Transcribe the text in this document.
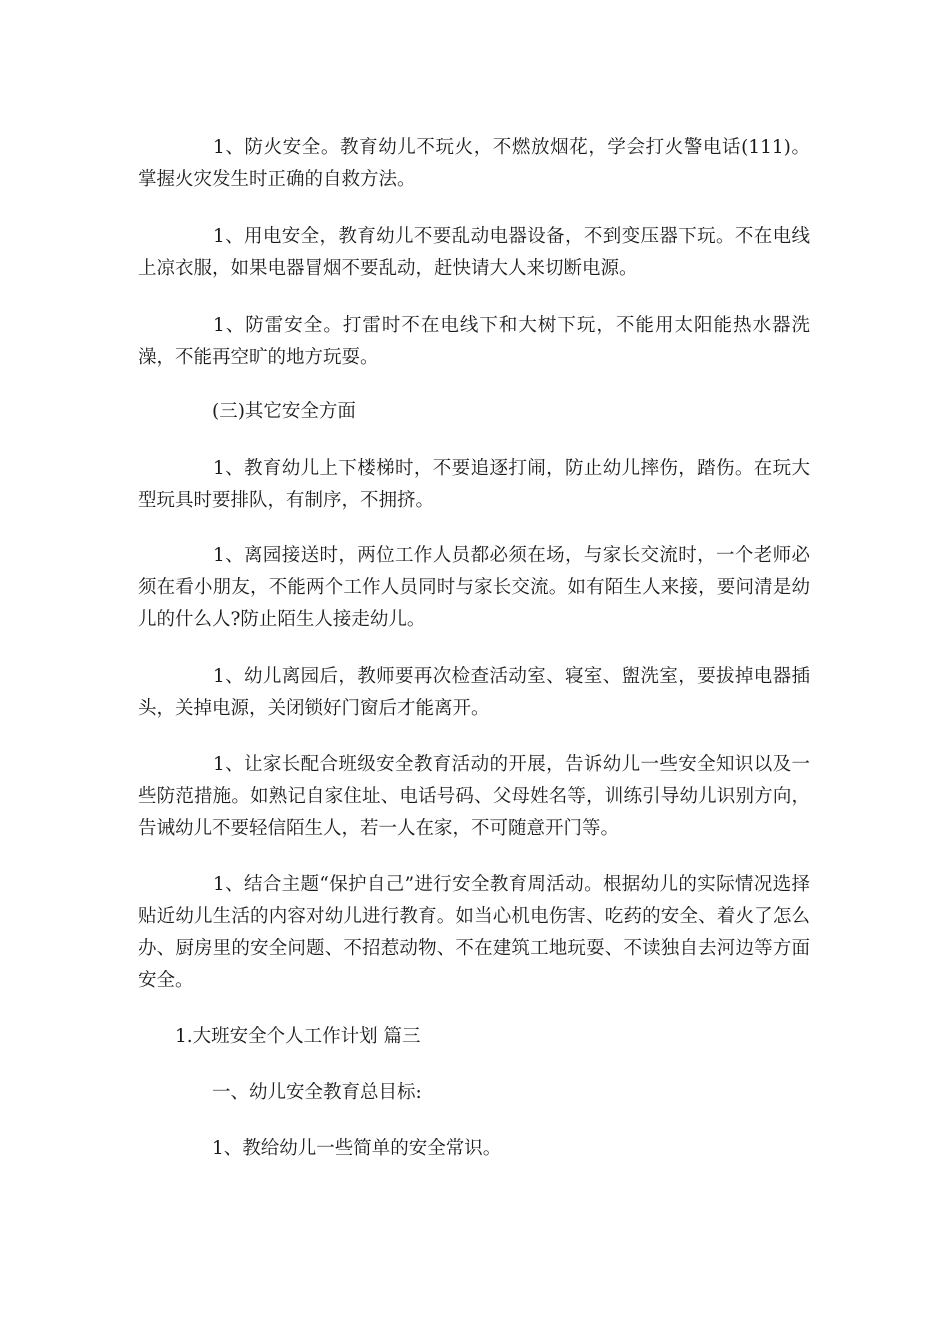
1、防火安全。教育幼儿不玩火，不燃放烟花，学会打火警电话(111)。掌握火灾发生时正确的自救方法。

1、用电安全，教育幼儿不要乱动电器设备，不到变压器下玩。不在电线上凉衣服，如果电器冒烟不要乱动，赶快请大人来切断电源。

1、防雷安全。打雷时不在电线下和大树下玩，不能用太阳能热水器洗澡，不能再空旷的地方玩耍。

(三)其它安全方面

1、教育幼儿上下楼梯时，不要追逐打闹，防止幼儿摔伤，踏伤。在玩大型玩具时要排队，有制序，不拥挤。

1、离园接送时，两位工作人员都必须在场，与家长交流时，一个老师必须在看小朋友，不能两个工作人员同时与家长交流。如有陌生人来接，要问清是幼儿的什么人?防止陌生人接走幼儿。

1、幼儿离园后，教师要再次检查活动室、寝室、盥洗室，要拔掉电器插头，关掉电源，关闭锁好门窗后才能离开。

1、让家长配合班级安全教育活动的开展，告诉幼儿一些安全知识以及一些防范措施。如熟记自家住址、电话号码、父母姓名等，训练引导幼儿识别方向，告诫幼儿不要轻信陌生人，若一人在家，不可随意开门等。

1、结合主题“保护自己”进行安全教育周活动。根据幼儿的实际情况选择贴近幼儿生活的内容对幼儿进行教育。如当心机电伤害、吃药的安全、着火了怎么办、厨房里的安全问题、不招惹动物、不在建筑工地玩耍、不读独自去河边等方面安全。

1.大班安全个人工作计划 篇三

一、幼儿安全教育总目标:

1、教给幼儿一些简单的安全常识。
